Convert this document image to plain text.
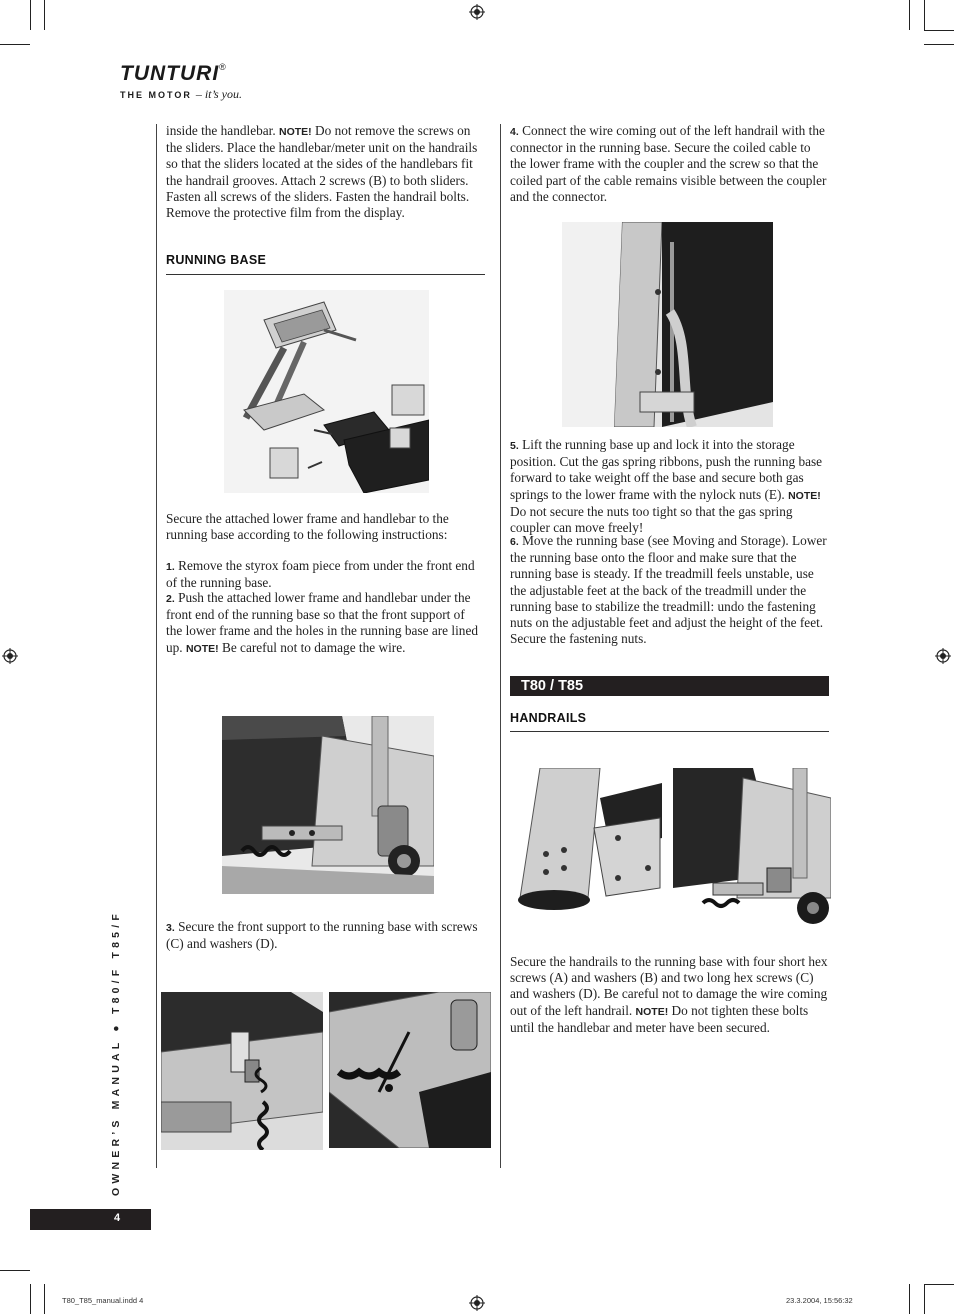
TUNTURI®
THE MOTOR – it’s you.
inside the handlebar. NOTE! Do not remove the screws on the sliders. Place the handlebar/meter unit on the handrails so that the sliders located at the sides of the handlebars fit the handrail grooves. Attach 2 screws (B) to both sliders. Fasten all screws of the sliders. Fasten the handrail bolts. Remove the protective film from the display.
RUNNING BASE
Secure the attached lower frame and handlebar to the running base according to the following instructions:
1. Remove the styrox foam piece from under the front end of the running base.
2. Push the attached lower frame and handlebar under the front end of the running base so that the front support of the lower frame and the holes in the running base are lined up. NOTE! Be careful not to damage the wire.
3. Secure the front support to the running base with screws (C) and washers (D).
4. Connect the wire coming out of the left handrail with the connector in the running base. Secure the coiled cable to the lower frame with the coupler and the screw so that the coiled part of the cable remains visible between the coupler and the connector.
5. Lift the running base up and lock it into the storage position. Cut the gas spring ribbons, push the running base forward to take weight off the base and secure both gas springs to the lower frame with the nylock nuts (E). NOTE! Do not secure the nuts too tight so that the gas spring coupler can move freely!
6. Move the running base (see Moving and Storage). Lower the running base onto the floor and make sure that the running base is steady. If the treadmill feels unstable, use the adjustable feet at the back of the treadmill under the running base to stabilize the treadmill: undo the fastening nuts on the adjustable feet and adjust the height of the feet. Secure the fastening nuts.
T80 / T85
HANDRAILS
Secure the handrails to the running base with four short hex screws (A) and washers (B) and two long hex screws (C) and washers (D). Be careful not to damage the wire coming out of the left handrail. NOTE! Do not tighten these bolts until the handlebar and meter have been secured.
OWNER’S MANUAL ● T80/F T85/F
4
T80_T85_manual.indd 4	23.3.2004, 15:56:32
